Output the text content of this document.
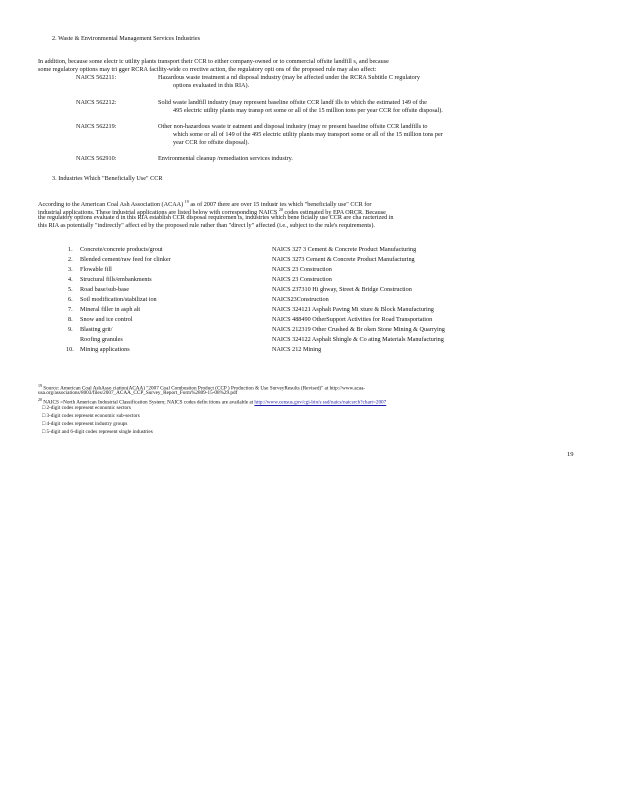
2. Waste & Environmental Management Services Industries
In addition, because some electr ic utility plants transport their CCR to either company-owned or to commercial offsite landfill s, and because
some regulatory options may tri gger RCRA facility-wide co rrective action, the regulatory opti ons of the proposed rule may also affect:
NAICS 562211:	Hazardous waste treatment a nd disposal industry (may be affected under the RCRA Subtitle C regulatory
options evaluated in this RIA).
NAICS 562212:	Solid waste landfill industry (may represent baseline offsite CCR landf ills to which the estimated 149 of the
495 electric utility plants may transp ort some or all of the 15 million tons per year CCR for offsite disposal).
NAICS 562219:	Other non-hazardous waste tr eatment and disposal industry (may re present baseline offsite CCR landfills to
which some or all of 149 of the 495 electric utility plants may transport some or all of the 15 million tons per
year CCR for offsite disposal).
NAICS 562910:	Environmental cleanup /remediation services industry.
3. Industries Which "Beneficially Use" CCR
According to the American Coal Ash Association (ACAA) $^{19}$ as of 2007 there are over 15 industr ies which "beneficially use" CCR for
industrial applications. These industrial applications are listed below with corresponding NAICS $^{20}$ codes estimated by EPA ORCR. Because
the regulatory options evaluate d in this RIA establish CCR disposal requiremen ts, industries which bene ficially use CCR are cha racterized in
this RIA as potentially "indirectly" affect ed by the proposed rule rather than "direct ly" affected (i.e., subject to the rule's requirements).
1. Concrete/concrete products/grout	NAICS 327 3 Cement & Concrete Product Manufacturing
2. Blended cement/raw feed for clinker	NAICS 3273 Cement & Concrete Product Manufacturing
3. Flowable fill	NAICS 23 Construction
4. Structural fills/embankments	NAICS 23 Construction
5. Road base/sub-base	NAICS 237310 Hi ghway, Street & Bridge Construction
6. Soil modification/stabilizat ion	NAICS23Construction
7. Mineral filler in asph alt	NAICS 324121 Asphalt Paving Mi xture & Block Manufacturing
8. Snow and ice control	NAICS 488490 OtherSupport Activities for Road Transportation
9. Blasting grit/	NAICS 212319 Other Crushed & Br oken Stone Mining & Quarrying
Roofing granules	NAICS 324122 Asphalt Shingle & Co ating Materials Manufacturing
10. Mining applications	NAICS 212 Mining
$^{19}$ Source: American Coal AshAsso ciation(ACAA) "2007 Coal Combustion Product (CCP ) Production & Use SurveyResults (Revised)" at http://www.acaa-
usa.org/associations/8003/files/2007_ACAA_CCP_Survey_Report_Form%2809-15-08%29.pdf
$^{20}$ NAICS =North American Industrial Classification System; NAICS codes defin itions are available at http://www.census.gov/cgi-bin/s ssd/naics/naicsrch?chart=2007
□ 2-digit codes represent economic sectors
□ 3-digit codes represent economic sub-sectors
□ 4-digit codes represent industry groups
□ 5-digit and 6-digit codes represent single industries
19
